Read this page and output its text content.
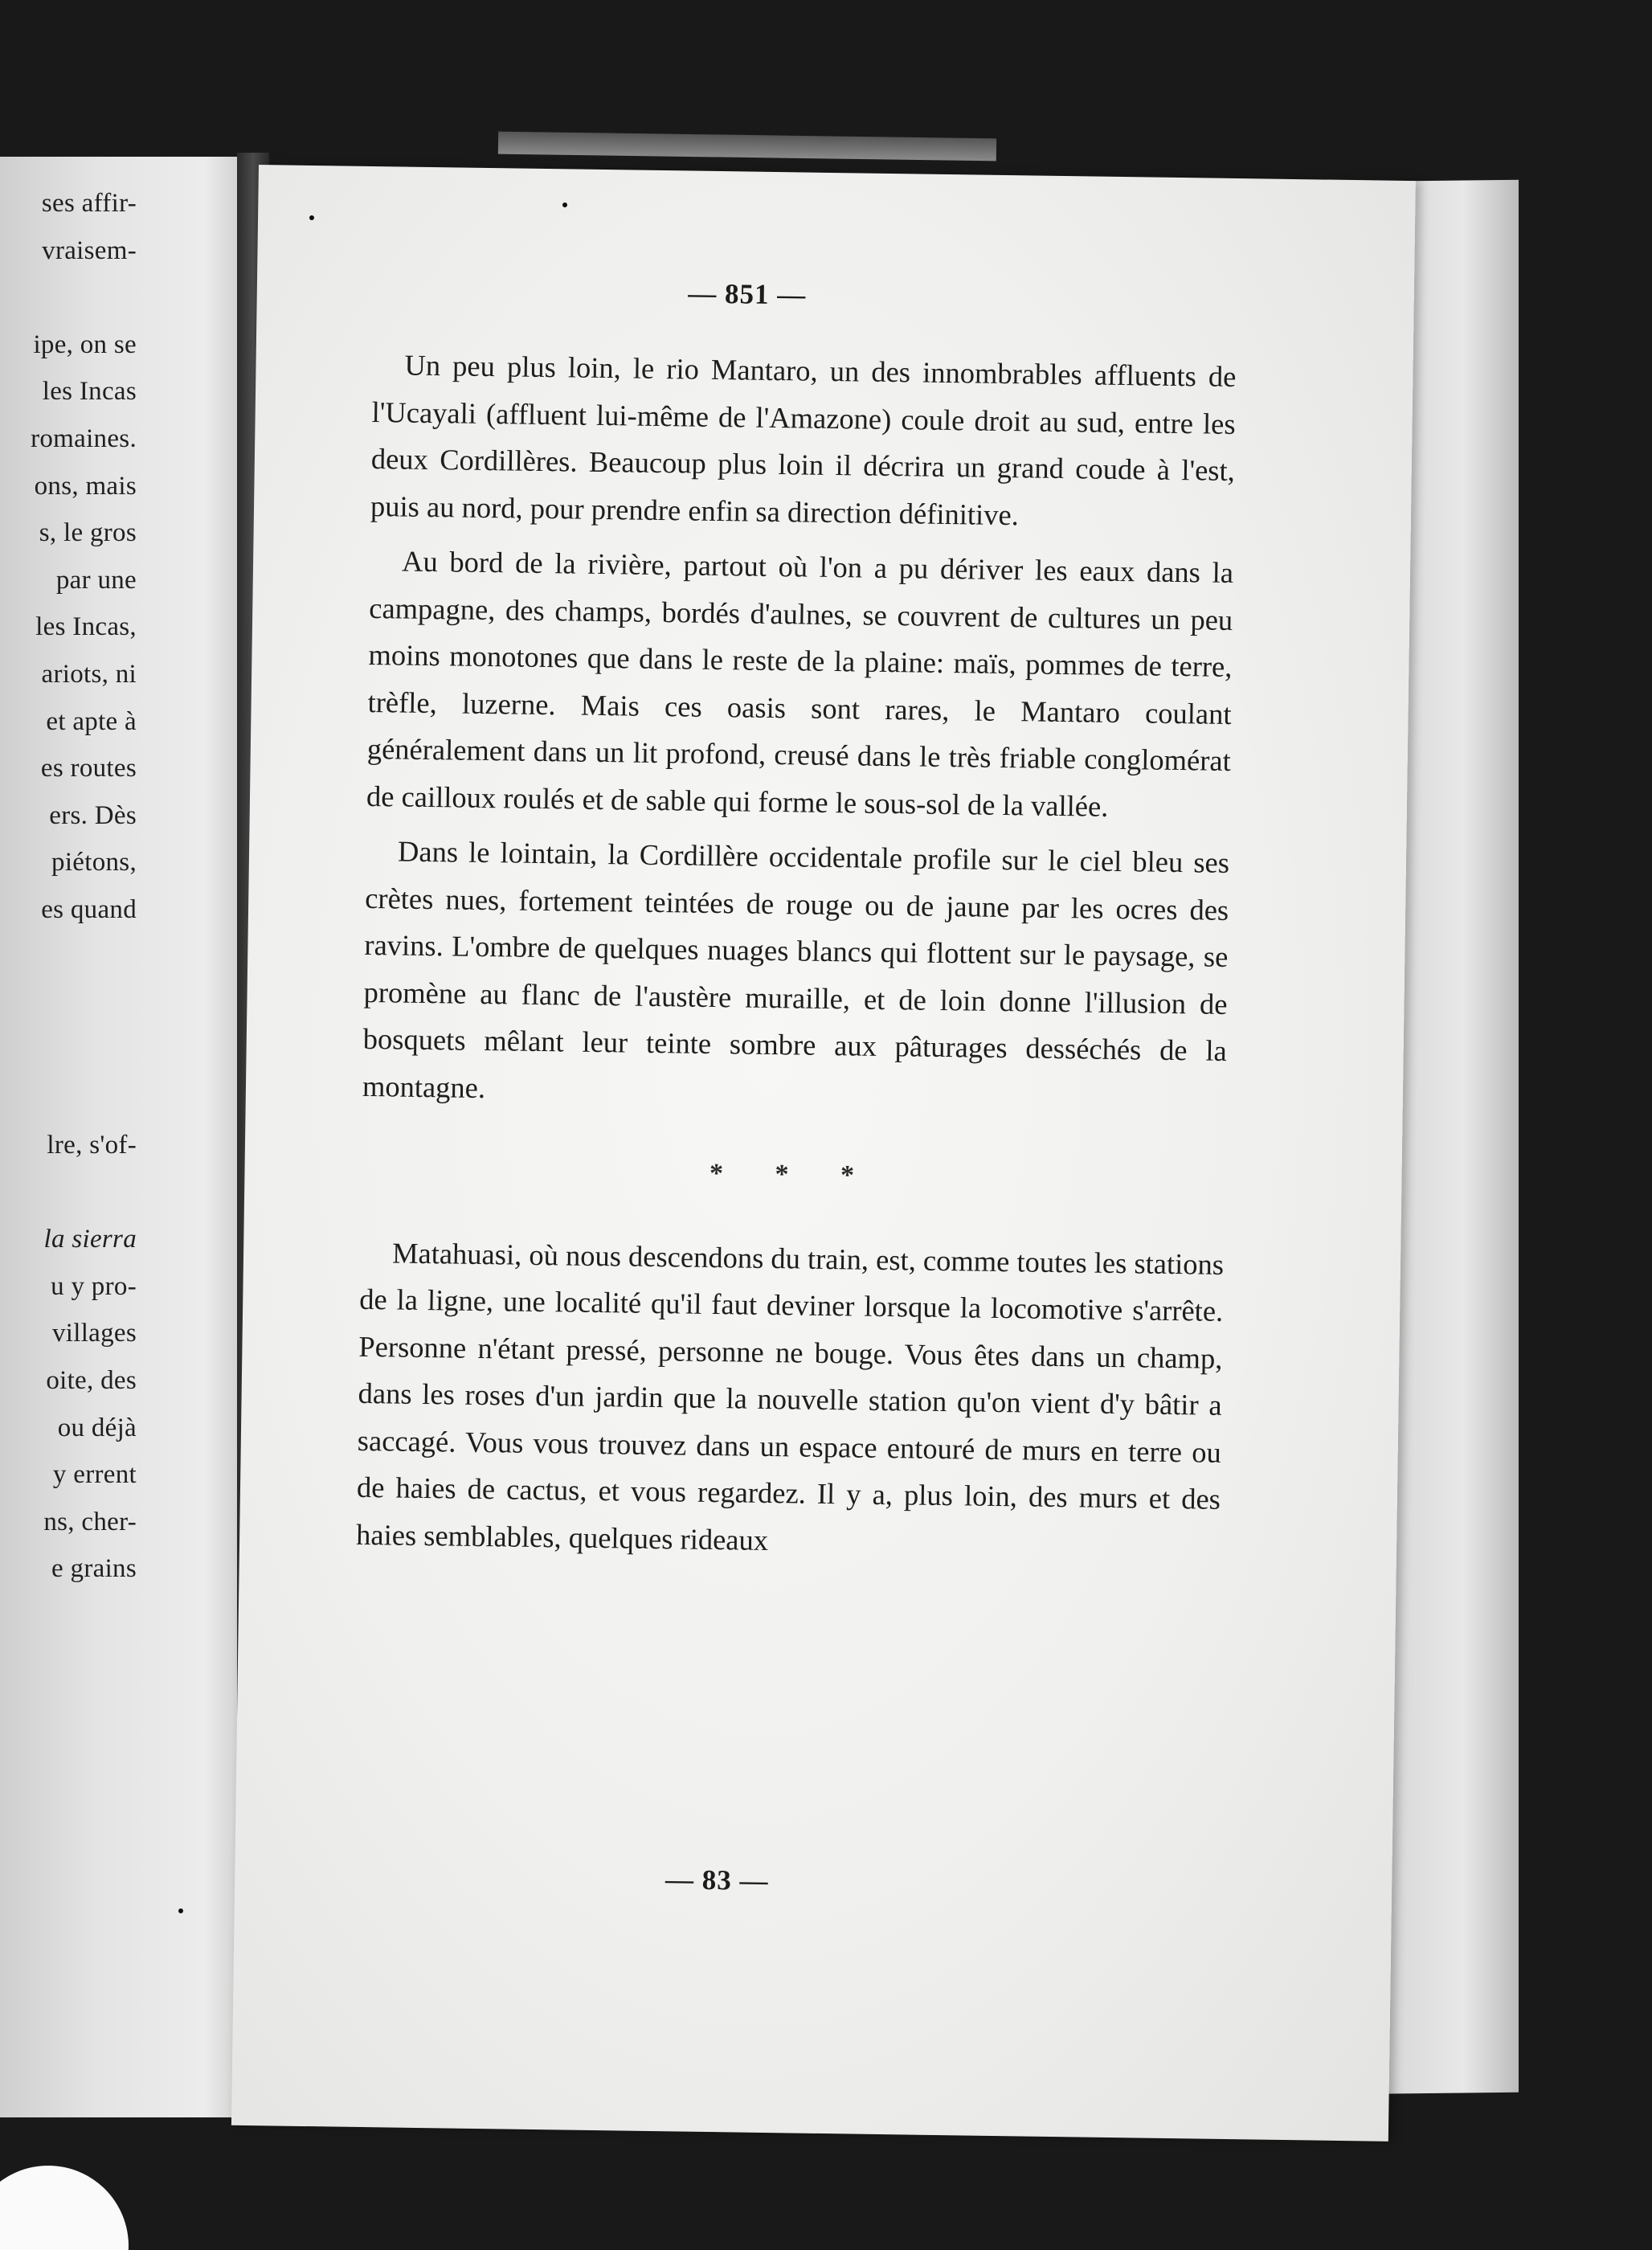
ses affir-
vraisem-
ipe, on se
les Incas
romaines.
ons, mais
s, le gros
par une
les Incas,
ariots, ni
et apte à
es routes
ers. Dès
piétons,
es quand
lre, s'of-
la sierra
u y pro-
villages
oite, des
ou déjà
y errent
ns, cher-
e grains
— 851 —

Un peu plus loin, le rio Mantaro, un des innombrables affluents de l'Ucayali (affluent lui-même de l'Amazone) coule droit au sud, entre les deux Cordillères. Beaucoup plus loin il décrira un grand coude à l'est, puis au nord, pour prendre enfin sa direction définitive.

Au bord de la rivière, partout où l'on a pu dériver les eaux dans la campagne, des champs, bordés d'aulnes, se couvrent de cultures un peu moins monotones que dans le reste de la plaine: maïs, pommes de terre, trèfle, luzerne. Mais ces oasis sont rares, le Mantaro coulant généralement dans un lit profond, creusé dans le très friable conglomérat de cailloux roulés et de sable qui forme le sous-sol de la vallée.

Dans le lointain, la Cordillère occidentale profile sur le ciel bleu ses crètes nues, fortement teintées de rouge ou de jaune par les ocres des ravins. L'ombre de quelques nuages blancs qui flottent sur le paysage, se promène au flanc de l'austère muraille, et de loin donne l'illusion de bosquets mêlant leur teinte sombre aux pâturages desséchés de la montagne.

* * *

Matahuasi, où nous descendons du train, est, comme toutes les stations de la ligne, une localité qu'il faut deviner lorsque la locomotive s'arrête. Personne n'étant pressé, personne ne bouge. Vous êtes dans un champ, dans les roses d'un jardin que la nouvelle station qu'on vient d'y bâtir a saccagé. Vous vous trouvez dans un espace entouré de murs en terre ou de haies de cactus, et vous regardez. Il y a, plus loin, des murs et des haies semblables, quelques rideaux

— 83 —
